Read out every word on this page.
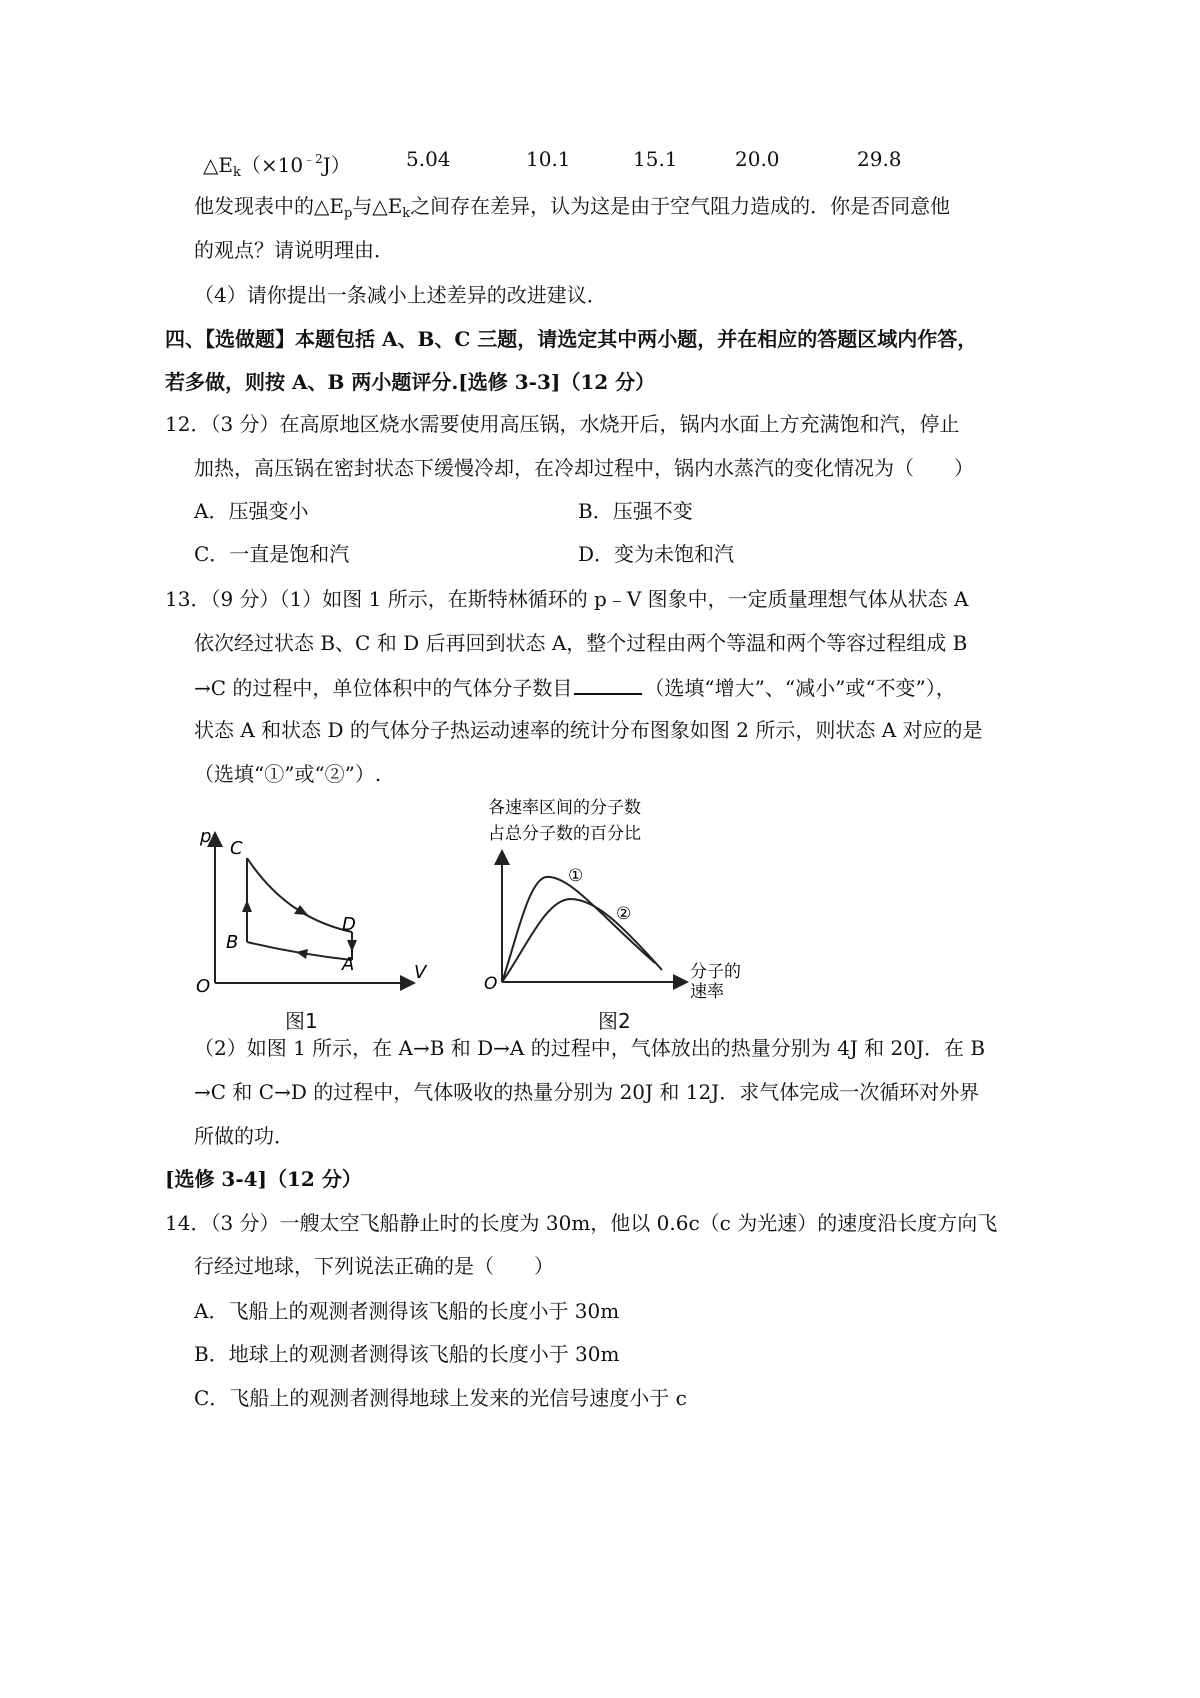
$\triangle E_k(\times 10^{﹣2}J)$	5.04	10.1	15.1	20.0	29.8
他发现表中的$\triangle E_p$与$\triangle E_k$之间存在差异，认为这是由于空气阻力造成的．你是否同意他
的观点？请说明理由．
（4）请你提出一条减小上述差异的改进建议．
四、【选做题】本题包括 A、B、C 三题，请选定其中两小题，并在相应的答题区域内作答，
若多做，则按 A、B 两小题评分.[选修 3-3]（12 分）
12．（3 分）在高原地区烧水需要使用高压锅，水烧开后，锅内水面上方充满饱和汽，停止
加热，高压锅在密封状态下缓慢冷却，在冷却过程中，锅内水蒸汽的变化情况为（　　）
A．压强变小	B．压强不变
C．一直是饱和汽	D．变为未饱和汽
13．（9 分）（1）如图 1 所示，在斯特林循环的 p﹣V 图象中，一定质量理想气体从状态 A
依次经过状态 B、C 和 D 后再回到状态 A，整个过程由两个等温和两个等容过程组成 B
→C 的过程中，单位体积中的气体分子数目	（选填“增大”、“减小”或“不变”），
状态 A 和状态 D 的气体分子热运动速率的统计分布图象如图 2 所示，则状态 A 对应的是
（选填“①”或“②”）.
p
V
O
A
B
C
D
图1
各速率区间的分子数
占总分子数的百分比
①
②
O
分子的
速率
图2
（2）如图 1 所示，在 A→B 和 D→A 的过程中，气体放出的热量分别为 4J 和 20J．在 B
→C 和 C→D 的过程中，气体吸收的热量分别为 20J 和 12J．求气体完成一次循环对外界
所做的功．
[选修 3-4]（12 分）
14．（3 分）一艘太空飞船静止时的长度为 30m，他以 0.6c（c 为光速）的速度沿长度方向飞
行经过地球，下列说法正确的是（　　）
A．飞船上的观测者测得该飞船的长度小于 30m
B．地球上的观测者测得该飞船的长度小于 30m
C．飞船上的观测者测得地球上发来的光信号速度小于 c
